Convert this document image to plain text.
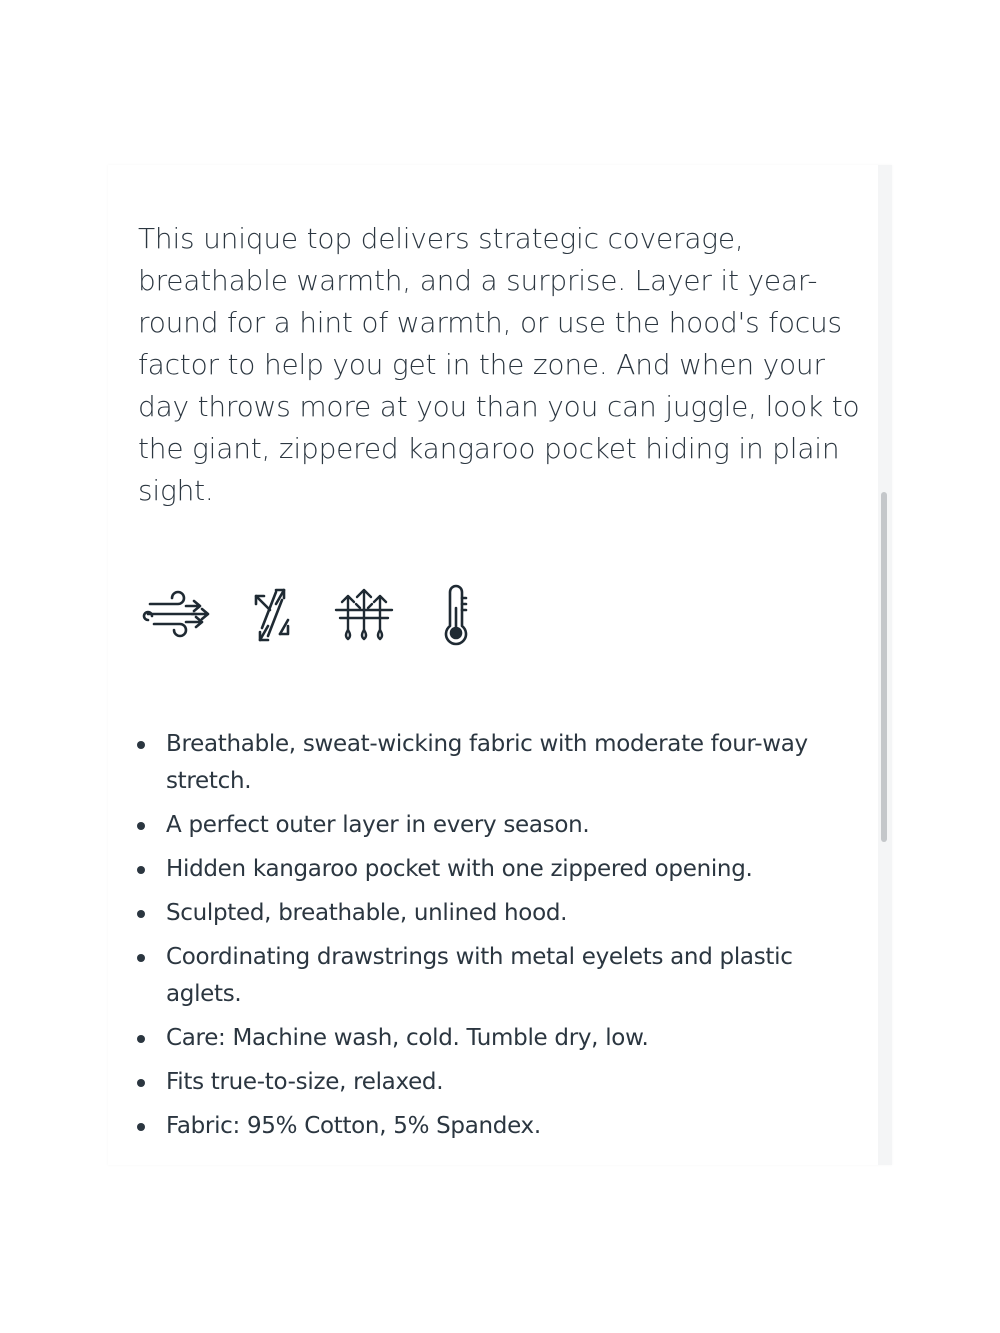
This unique top delivers strategic coverage, breathable warmth, and a surprise. Layer it year-round for a hint of warmth, or use the hood's focus factor to help you get in the zone. And when your day throws more at you than you can juggle, look to the giant, zippered kangaroo pocket hiding in plain sight.

Breathable, sweat-wicking fabric with moderate four-way stretch.
A perfect outer layer in every season.
Hidden kangaroo pocket with one zippered opening.
Sculpted, breathable, unlined hood.
Coordinating drawstrings with metal eyelets and plastic aglets.
Care: Machine wash, cold. Tumble dry, low.
Fits true-to-size, relaxed.
Fabric: 95% Cotton, 5% Spandex.
